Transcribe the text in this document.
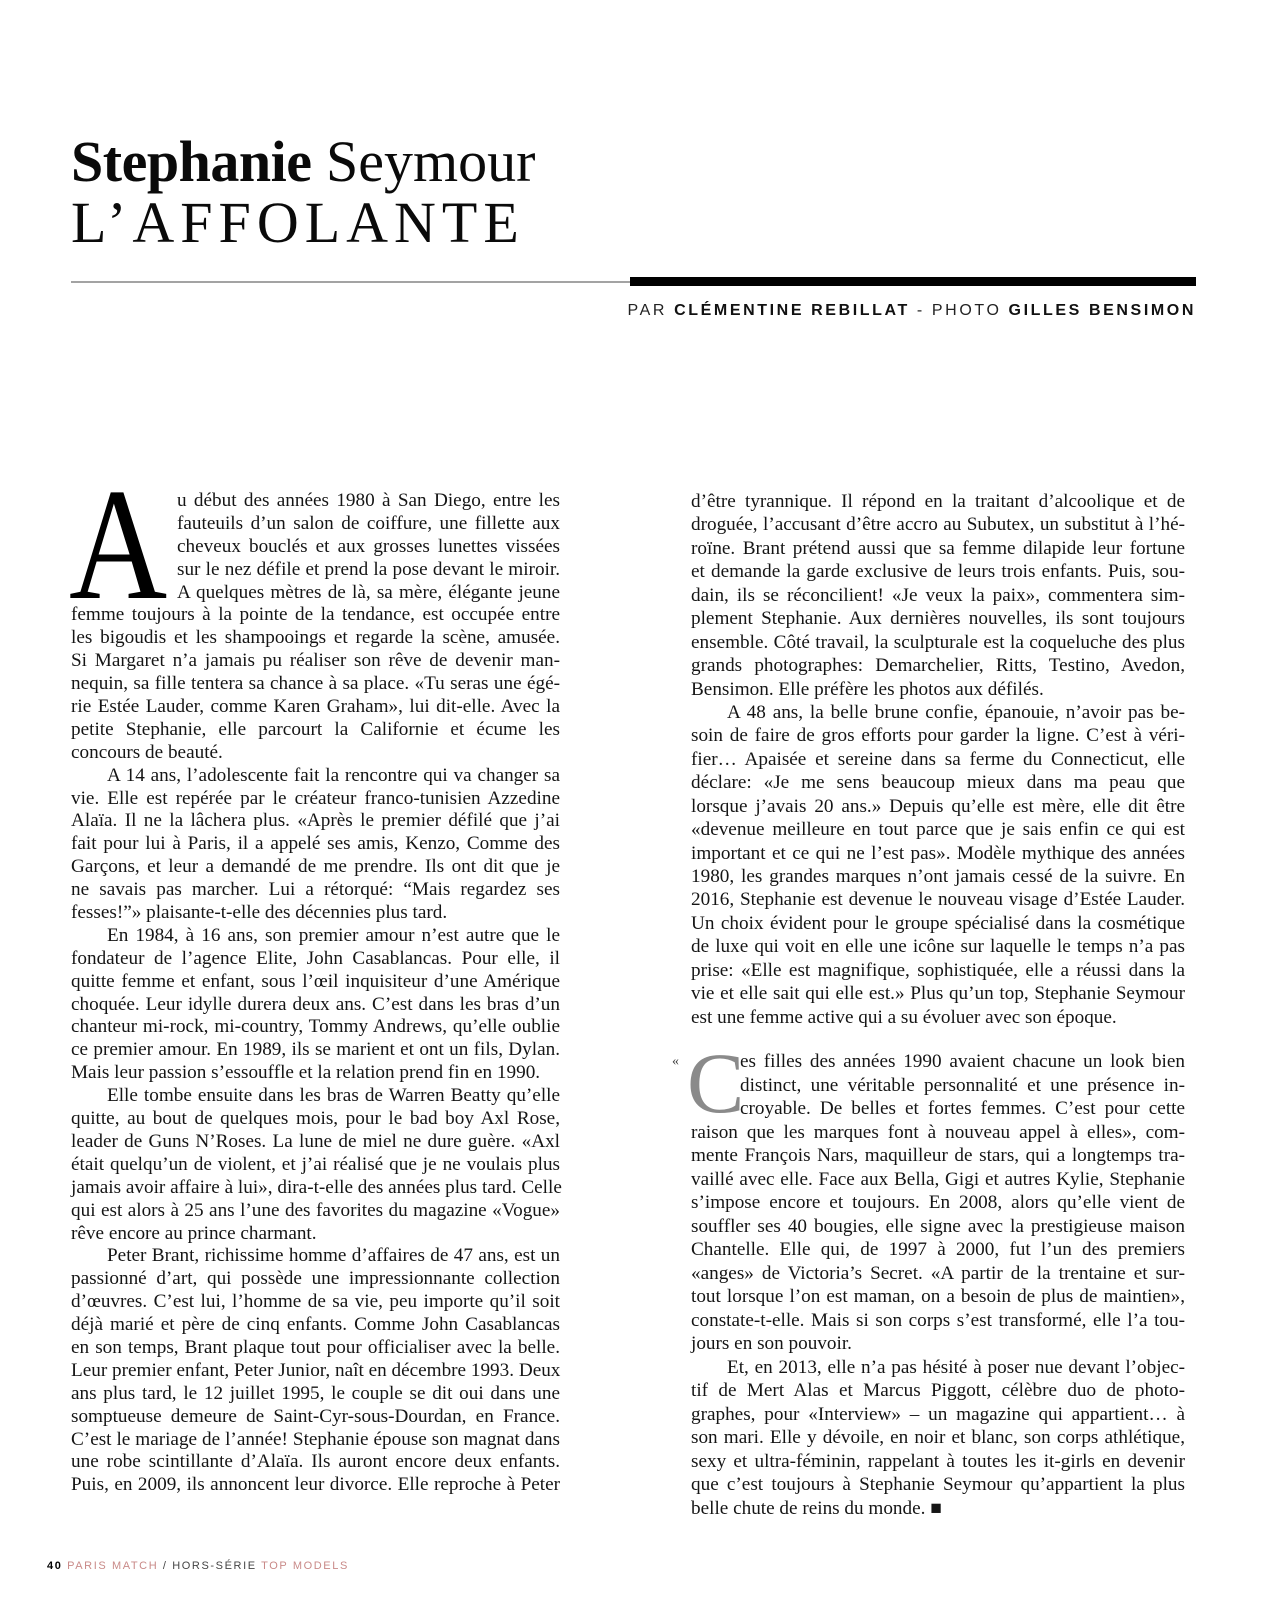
Stephanie Seymour
L’AFFOLANTE
PAR CLÉMENTINE REBILLAT - PHOTO GILLES BENSIMON
A u début des années 1980 à San Diego, entre les
fauteuils d’un salon de coiffure, une fillette aux
cheveux bouclés et aux grosses lunettes vissées
sur le nez défile et prend la pose devant le miroir.
A quelques mètres de là, sa mère, élégante jeune
femme toujours à la pointe de la tendance, est occupée entre
les bigoudis et les shampooings et regarde la scène, amusée.
Si Margaret n’a jamais pu réaliser son rêve de devenir man-
nequin, sa fille tentera sa chance à sa place. «Tu seras une égé-
rie Estée Lauder, comme Karen Graham», lui dit-elle. Avec la
petite Stephanie, elle parcourt la Californie et écume les
concours de beauté.
A 14 ans, l’adolescente fait la rencontre qui va changer sa
vie. Elle est repérée par le créateur franco-tunisien Azzedine
Alaïa. Il ne la lâchera plus. «Après le premier défilé que j’ai
fait pour lui à Paris, il a appelé ses amis, Kenzo, Comme des
Garçons, et leur a demandé de me prendre. Ils ont dit que je
ne savais pas marcher. Lui a rétorqué: “Mais regardez ses
fesses!”» plaisante-t-elle des décennies plus tard.
En 1984, à 16 ans, son premier amour n’est autre que le
fondateur de l’agence Elite, John Casablancas. Pour elle, il
quitte femme et enfant, sous l’œil inquisiteur d’une Amérique
choquée. Leur idylle durera deux ans. C’est dans les bras d’un
chanteur mi-rock, mi-country, Tommy Andrews, qu’elle oublie
ce premier amour. En 1989, ils se marient et ont un fils, Dylan.
Mais leur passion s’essouffle et la relation prend fin en 1990.
Elle tombe ensuite dans les bras de Warren Beatty qu’elle
quitte, au bout de quelques mois, pour le bad boy Axl Rose,
leader de Guns N’Roses. La lune de miel ne dure guère. «Axl
était quelqu’un de violent, et j’ai réalisé que je ne voulais plus
jamais avoir affaire à lui», dira-t-elle des années plus tard. Celle
qui est alors à 25 ans l’une des favorites du magazine «Vogue»
rêve encore au prince charmant.
Peter Brant, richissime homme d’affaires de 47 ans, est un
passionné d’art, qui possède une impressionnante collection
d’œuvres. C’est lui, l’homme de sa vie, peu importe qu’il soit
déjà marié et père de cinq enfants. Comme John Casablancas
en son temps, Brant plaque tout pour officialiser avec la belle.
Leur premier enfant, Peter Junior, naît en décembre 1993. Deux
ans plus tard, le 12 juillet 1995, le couple se dit oui dans une
somptueuse demeure de Saint-Cyr-sous-Dourdan, en France.
C’est le mariage de l’année! Stephanie épouse son magnat dans
une robe scintillante d’Alaïa. Ils auront encore deux enfants.
Puis, en 2009, ils annoncent leur divorce. Elle reproche à Peter
d’être tyrannique. Il répond en la traitant d’alcoolique et de
droguée, l’accusant d’être accro au Subutex, un substitut à l’hé-
roïne. Brant prétend aussi que sa femme dilapide leur fortune
et demande la garde exclusive de leurs trois enfants. Puis, sou-
dain, ils se réconcilient! «Je veux la paix», commentera sim-
plement Stephanie. Aux dernières nouvelles, ils sont toujours
ensemble. Côté travail, la sculpturale est la coqueluche des plus
grands photographes: Demarchelier, Ritts, Testino, Avedon,
Bensimon. Elle préfère les photos aux défilés.
A 48 ans, la belle brune confie, épanouie, n’avoir pas be-
soin de faire de gros efforts pour garder la ligne. C’est à véri-
fier… Apaisée et sereine dans sa ferme du Connecticut, elle
déclare: «Je me sens beaucoup mieux dans ma peau que
lorsque j’avais 20 ans.» Depuis qu’elle est mère, elle dit être
«devenue meilleure en tout parce que je sais enfin ce qui est
important et ce qui ne l’est pas». Modèle mythique des années
1980, les grandes marques n’ont jamais cessé de la suivre. En
2016, Stephanie est devenue le nouveau visage d’Estée Lauder.
Un choix évident pour le groupe spécialisé dans la cosmétique
de luxe qui voit en elle une icône sur laquelle le temps n’a pas
prise: «Elle est magnifique, sophistiquée, elle a réussi dans la
vie et elle sait qui elle est.» Plus qu’un top, Stephanie Seymour
est une femme active qui a su évoluer avec son époque.
« C
es filles des années 1990 avaient chacune un look bien
distinct, une véritable personnalité et une présence in-
croyable. De belles et fortes femmes. C’est pour cette
raison que les marques font à nouveau appel à elles», com-
mente François Nars, maquilleur de stars, qui a longtemps tra-
vaillé avec elle. Face aux Bella, Gigi et autres Kylie, Stephanie
s’impose encore et toujours. En 2008, alors qu’elle vient de
souffler ses 40 bougies, elle signe avec la prestigieuse maison
Chantelle. Elle qui, de 1997 à 2000, fut l’un des premiers
«anges» de Victoria’s Secret. «A partir de la trentaine et sur-
tout lorsque l’on est maman, on a besoin de plus de maintien»,
constate-t-elle. Mais si son corps s’est transformé, elle l’a tou-
jours en son pouvoir.
Et, en 2013, elle n’a pas hésité à poser nue devant l’objec-
tif de Mert Alas et Marcus Piggott, célèbre duo de photo-
graphes, pour «Interview» – un magazine qui appartient… à
son mari. Elle y dévoile, en noir et blanc, son corps athlétique,
sexy et ultra-féminin, rappelant à toutes les it-girls en devenir
que c’est toujours à Stephanie Seymour qu’appartient la plus
belle chute de reins du monde. ■
40 PARIS MATCH / HORS-SÉRIE TOP MODELS
